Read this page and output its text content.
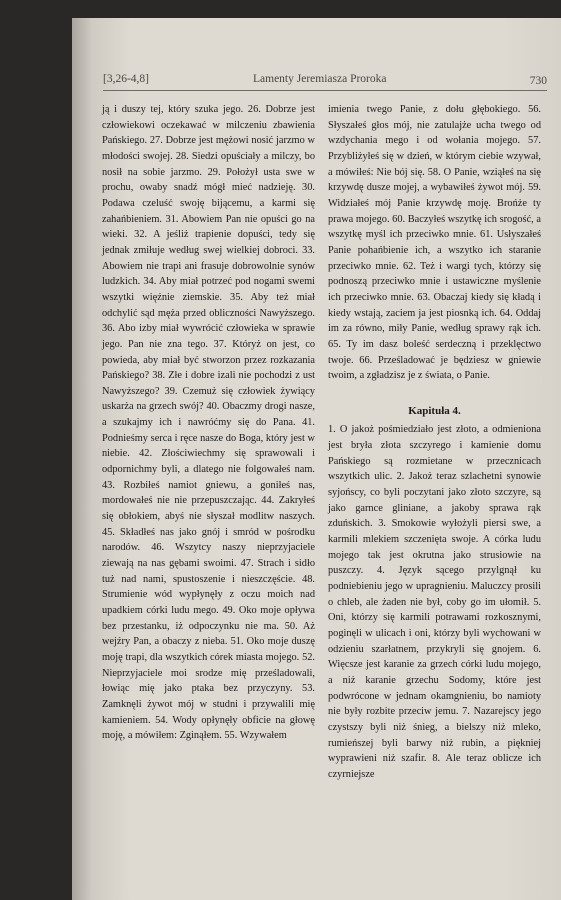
[3,26-4,8]	Lamenty Jeremiasza Proroka	730

ją i duszy tej, który szuka jego. 26. Dobrze jest człowiekowi oczekawać w milczeniu zbawienia Pańskiego. 27. Dobrze jest mężowi nosić jarzmo w młodości swojej. 28. Siedzi opuściały a milczy, bo nosił na sobie jarzmo. 29. Położył usta swe w prochu, owaby snadź mógł mieć nadzieję. 30. Podawa czeluść swoję bijącemu, a karmi się zahańbieniem. 31. Abowiem Pan nie opuści go na wieki. 32. A jeśliż trapienie dopuści, tedy się jednak zmiłuje według swej wielkiej dobroci. 33. Abowiem nie trapi ani frasuje dobrowolnie synów ludzkich. 34. Aby miał potrzeć pod nogami swemi wszytki więźnie ziemskie. 35. Aby też miał odchylić sąd męża przed obliczności Nawyższego. 36. Abo izby miał wywrócić człowieka w sprawie jego. Pan nie zna tego. 37. Któryż on jest, co powieda, aby miał być stworzon przez rozkazania Pańskiego? 38. Złe i dobre izali nie pochodzi z ust Nawyższego? 39. Czemuż się człowiek żywiący uskarża na grzech swój? 40. Obaczmy drogi nasze, a szukajmy ich i nawróćmy się do Pana. 41. Podnieśmy serca i ręce nasze do Boga, który jest w niebie. 42. Złościwiechmy się sprawowali i odpornichmy byli, a dlatego nie folgowałeś nam. 43. Rozbiłeś namiot gniewu, a goniłeś nas, mordowałeś nie nie przepuszczając. 44. Zakryłeś się obłokiem, abyś nie słyszał modlitw naszych. 45. Składłeś nas jako gnój i smród w pośrodku narodów. 46. Wszytcy naszy nieprzyjaciele ziewają na nas gębami swoimi. 47. Strach i sidło tuż nad nami, spustoszenie i nieszczęście. 48. Strumienie wód wypłynęły z oczu moich nad upadkiem córki ludu mego. 49. Oko moje opływa bez przestanku, iż odpoczynku nie ma. 50. Aż wejźry Pan, a obaczy z nieba. 51. Oko moje duszę moję trapi, dla wszytkich córek miasta mojego. 52. Nieprzyjaciele moi srodze mię prześladowali, łowiąc mię jako ptaka bez przyczyny. 53. Zamknęli żywot mój w studni i przywalili mię kamieniem. 54. Wody opłynęły obficie na głowę moję, a mówiłem: Zginąłem. 55. Wzywałem

imienia twego Panie, z dołu głębokiego. 56. Słyszałeś głos mój, nie zatulajże ucha twego od wzdychania mego i od wołania mojego. 57. Przybliżyłeś się w dzień, w którym ciebie wzywał, a mówiłeś: Nie bój się. 58. O Panie, wziąłeś na się krzywdę dusze mojej, a wybawiłeś żywot mój. 59. Widziałeś mój Panie krzywdę moję. Brońże ty prawa mojego. 60. Baczyłeś wszytkę ich srogość, a wszytkę myśl ich przeciwko mnie. 61. Usłyszałeś Panie pohańbienie ich, a wszytko ich staranie przeciwko mnie. 62. Też i wargi tych, którzy się podnoszą przeciwko mnie i ustawiczne myślenie ich przeciwko mnie. 63. Obaczaj kiedy się kładą i kiedy wstają, zaciem ja jest piosnką ich. 64. Oddaj im za równo, miły Panie, według sprawy rąk ich. 65. Ty im dasz boleść serdeczną i przeklęctwo twoje. 66. Prześladować je będziesz w gniewie twoim, a zgładzisz je z świata, o Panie.

Kapituła 4.

1. O jakoż pośmiedziało jest złoto, a odmieniona jest bryła złota szczyrego i kamienie domu Pańskiego są rozmietane w przecznicach wszytkich ulic. 2. Jakoż teraz szlachetni synowie syjońscy, co byli poczytani jako złoto szczyre, są jako garnce gliniane, a jakoby sprawa rąk zduńskich. 3. Smokowie wyłożyli piersi swe, a karmili mlekiem szczenięta swoje. A córka ludu mojego tak jest okrutna jako strusiowie na puszczy. 4. Język sącego przylgnął ku podniebieniu jego w upragnieniu. Maluczcy prosili o chleb, ale żaden nie był, coby go im ułomił. 5. Oni, którzy się karmili potrawami rozkosznymi, poginęli w ulicach i oni, którzy byli wychowani w odzieniu szarłatnem, przykryli się gnojem. 6. Więcsze jest karanie za grzech córki ludu mojego, a niż karanie grzechu Sodomy, które jest podwrócone w jednam okamgnieniu, bo namioty nie były rozbite przeciw jemu. 7. Nazarejscy jego czystszy byli niż śnieg, a bielszy niż mleko, rumieńszej byli barwy niż rubin, a piękniej wyprawieni niż szafir. 8. Ale teraz oblicze ich czyrniejsze
